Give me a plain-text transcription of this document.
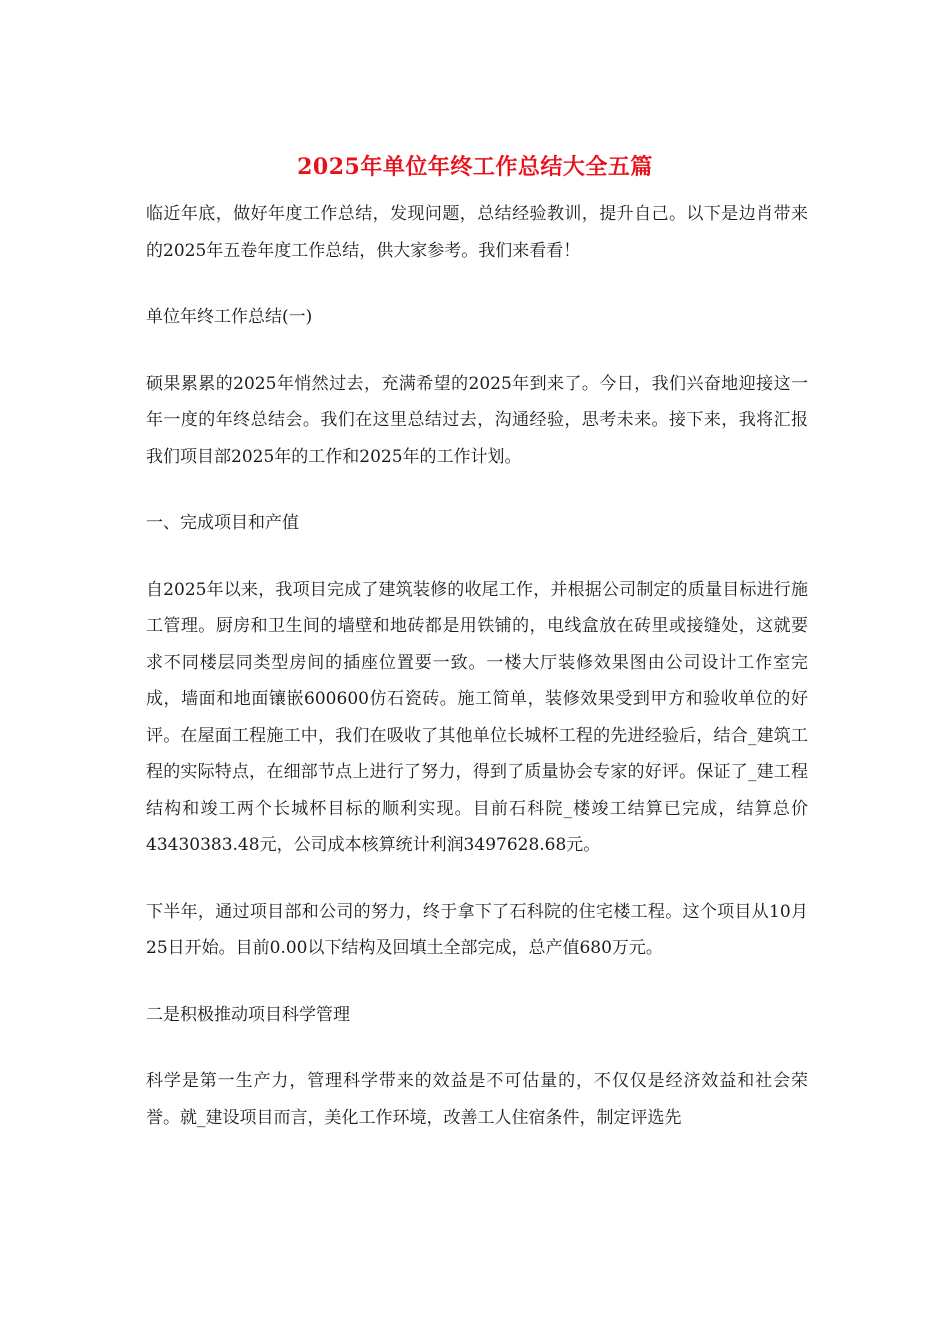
2025年单位年终工作总结大全五篇

临近年底，做好年度工作总结，发现问题，总结经验教训，提升自己。以下是边肖带来的2025年五卷年度工作总结，供大家参考。我们来看看！

单位年终工作总结(一)

硕果累累的2025年悄然过去，充满希望的2025年到来了。今日，我们兴奋地迎接这一年一度的年终总结会。我们在这里总结过去，沟通经验，思考未来。接下来，我将汇报我们项目部2025年的工作和2025年的工作计划。

一、完成项目和产值

自2025年以来，我项目完成了建筑装修的收尾工作，并根据公司制定的质量目标进行施工管理。厨房和卫生间的墙壁和地砖都是用铁铺的，电线盒放在砖里或接缝处，这就要求不同楼层同类型房间的插座位置要一致。一楼大厅装修效果图由公司设计工作室完成，墙面和地面镶嵌600600仿石瓷砖。施工简单，装修效果受到甲方和验收单位的好评。在屋面工程施工中，我们在吸收了其他单位长城杯工程的先进经验后，结合_建筑工程的实际特点，在细部节点上进行了努力，得到了质量协会专家的好评。保证了_建工程结构和竣工两个长城杯目标的顺利实现。目前石科院_楼竣工结算已完成，结算总价43430383.48元，公司成本核算统计利润3497628.68元。

下半年，通过项目部和公司的努力，终于拿下了石科院的住宅楼工程。这个项目从10月25日开始。目前0.00以下结构及回填土全部完成，总产值680万元。

二是积极推动项目科学管理

科学是第一生产力，管理科学带来的效益是不可估量的，不仅仅是经济效益和社会荣誉。就_建设项目而言，美化工作环境，改善工人住宿条件，制定评选先
